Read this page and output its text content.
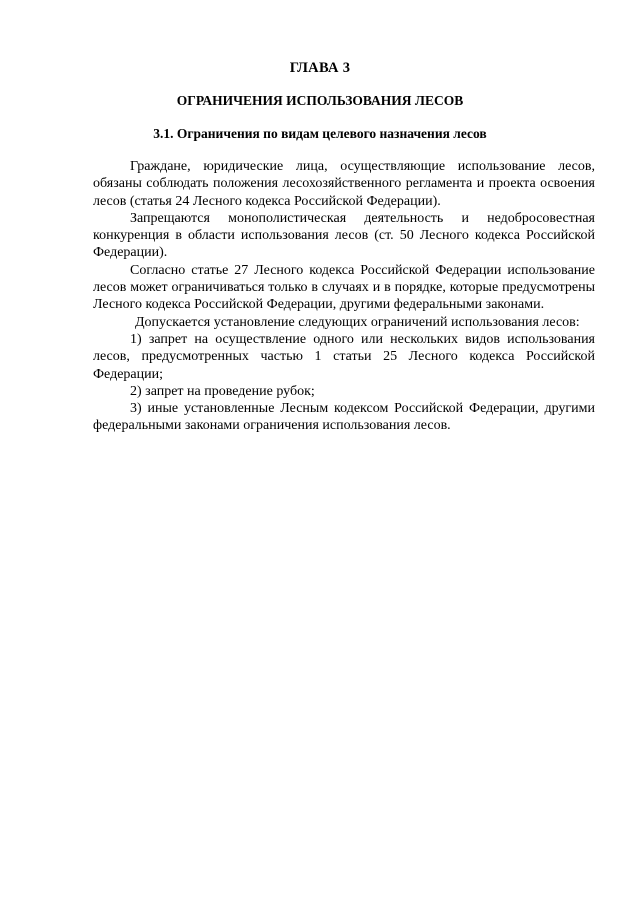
ГЛАВА 3
ОГРАНИЧЕНИЯ ИСПОЛЬЗОВАНИЯ ЛЕСОВ
3.1. Ограничения по видам целевого назначения лесов

Граждане, юридические лица, осуществляющие использование лесов, обязаны соблюдать положения лесохозяйственного регламента и проекта освоения лесов (статья 24 Лесного кодекса Российской Федерации).

Запрещаются монополистическая деятельность и недобросовестная конкуренция в области использования лесов (ст. 50 Лесного кодекса Российской Федерации).

Согласно статье 27 Лесного кодекса Российской Федерации использование лесов может ограничиваться только в случаях и в порядке, которые предусмотрены Лесного кодекса Российской Федерации, другими федеральными законами.

Допускается установление следующих ограничений использования лесов:

1) запрет на осуществление одного или нескольких видов использования лесов, предусмотренных частью 1 статьи 25 Лесного кодекса Российской Федерации;

2) запрет на проведение рубок;

3) иные установленные Лесным кодексом Российской Федерации, другими федеральными законами ограничения использования лесов.
